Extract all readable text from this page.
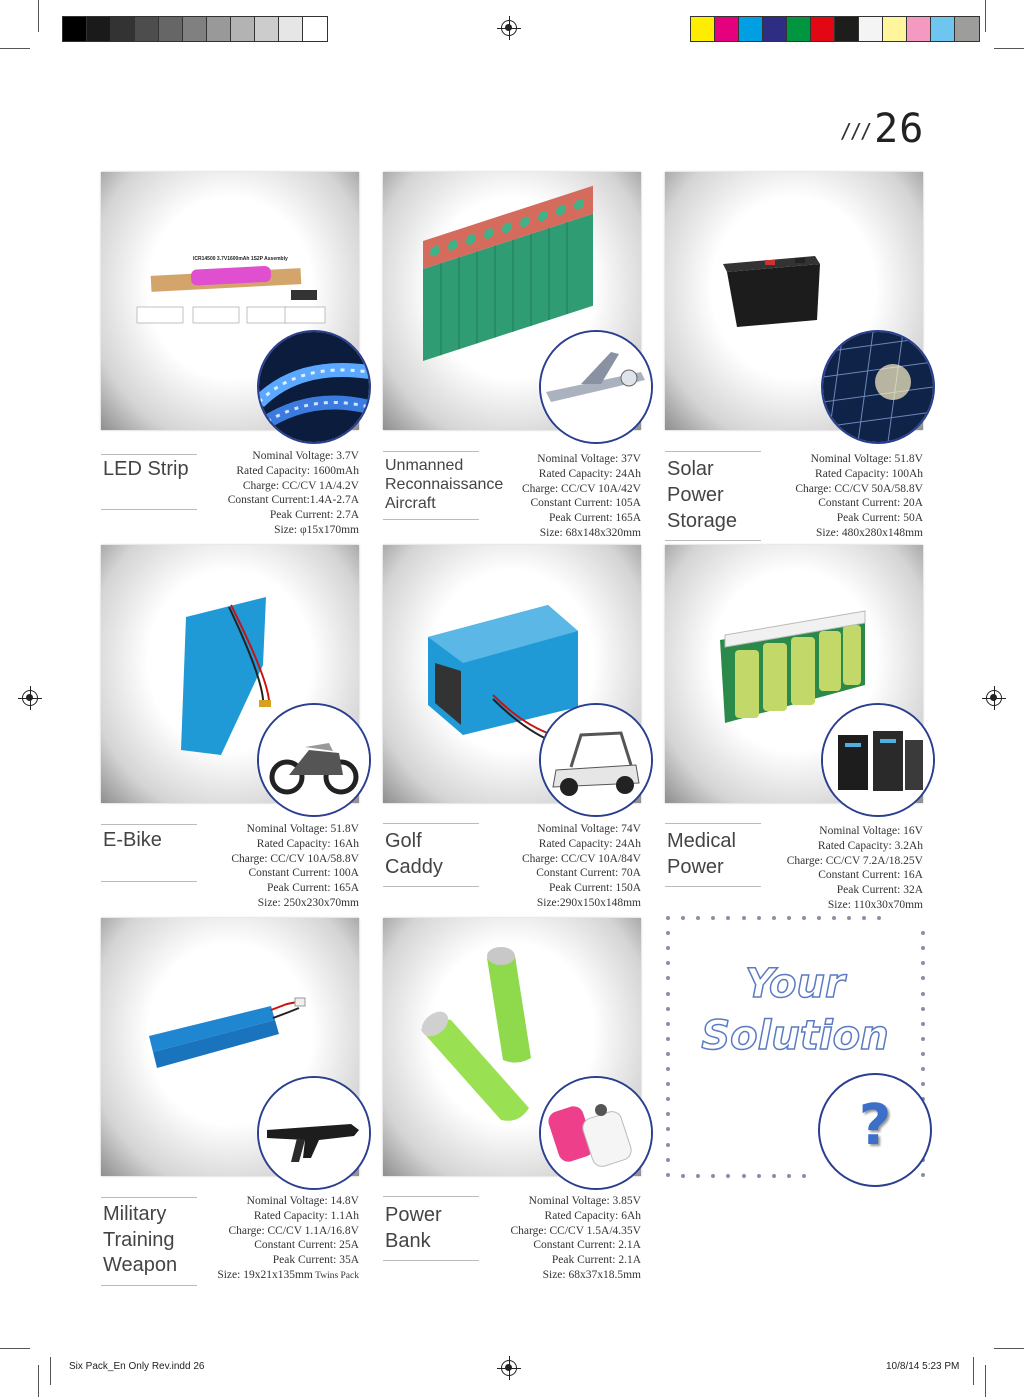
/// 26
ICR14500 3.7V1600mAh 1S2P Assembly
LED Strip
Nominal Voltage: 3.7V
Rated Capacity: 1600mAh
Charge: CC/CV 1A/4.2V
Constant Current:1.4A-2.7A
Peak Current: 2.7A
Size: φ15x170mm
Unmanned Reconnaissance Aircraft
Nominal Voltage: 37V
Rated Capacity: 24Ah
Charge: CC/CV 10A/42V
Constant Current: 105A
Peak Current: 165A
Size: 68x148x320mm
Solar Power Storage
Nominal Voltage: 51.8V
Rated Capacity: 100Ah
Charge: CC/CV 50A/58.8V
Constant Current: 20A
Peak Current: 50A
Size: 480x280x148mm
E-Bike	Nominal Voltage: 51.8V
Rated Capacity: 16Ah
Charge: CC/CV 10A/58.8V
Constant Current: 100A
Peak Current: 165A
Size: 250x230x70mm
Golf Caddy
Nominal Voltage: 74V
Rated Capacity: 24Ah
Charge: CC/CV 10A/84V
Constant Current: 70A
Peak Current: 150A
Size:290x150x148mm
Medical Power
Nominal Voltage: 16V
Rated Capacity: 3.2Ah
Charge: CC/CV 7.2A/18.25V
Constant Current: 16A
Peak Current: 32A
Size: 110x30x70mm
Military Training Weapon
Nominal Voltage: 14.8V
Rated Capacity: 1.1Ah
Charge: CC/CV 1.1A/16.8V
Constant Current: 25A
Peak Current: 35A
Size: 19x21x135mm Twins Pack
Power Bank
Nominal Voltage: 3.85V
Rated Capacity: 6Ah
Charge: CC/CV 1.5A/4.35V
Constant Current: 2.1A
Peak Current: 2.1A
Size: 68x37x18.5mm
Your
Solution
?
Six Pack_En Only Rev.indd 26	10/8/14 5:23 PM
